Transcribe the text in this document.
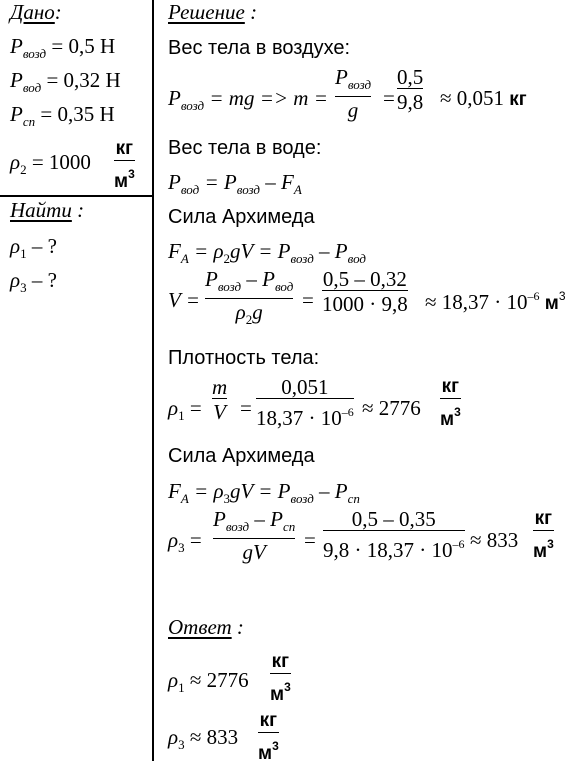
Дано:
$P_{возд} = 0,5$ Н
$P_{вод} = 0,32$ Н
$P_{сп} = 0,35$ Н
$\rho_2 = 1000$
кг
$м^3$
Найти :
$\rho_1$ – ?
$\rho_3$ – ?
Решение :
Вес тела в воздухе:
$P_{возд}$ = mg => m =
$P_{возд}$
g	= $\frac{0,5}{9,8} \approx 0,051$ кг
Вес тела в воде:
$P_{вод} = P_{возд} - F_A$
Сила Архимеда
$F_A = \rho_2gV = P_{возд} - P_{вод}$
V =
$P_{возд} - P_{вод}$
$\rho_2g$	= $\frac{0,5 - 0,32}{1000 \cdot 9,8} \approx 18,37 \cdot 10^{-6}$ $м^3$
Плотность тела:
$\rho_1 = \frac{m}{V} = \frac{0,051}{18,37 \cdot 10^{-6}} \approx 2776$
кг
$м^3$
Сила Архимеда
$F_A = \rho_3gV = P_{возд} - P_{сп}$
$\rho_3$ =
$P_{возд} - P_{сп}$
gV	= $\frac{0,5 - 0,35}{9,8 \cdot 18,37 \cdot 10^{-6}} \approx 833$
кг
$м^3$
Ответ :
$\rho_1 \approx 2776$
кг
$м^3$
$\rho_3 \approx 833$
кг
$м^3$
